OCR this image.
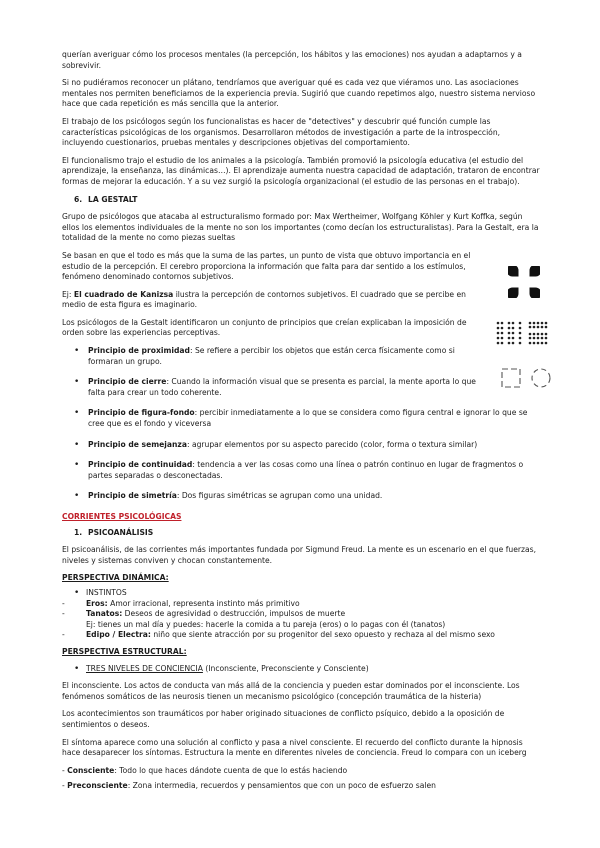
querían averiguar cómo los procesos mentales (la percepción, los hábitos y las emociones) nos ayudan a adaptarnos y a sobrevivir.

Si no pudiéramos reconocer un plátano, tendríamos que averiguar qué es cada vez que viéramos uno. Las asociaciones mentales nos permiten beneficiamos de la experiencia previa. Sugirió que cuando repetimos algo, nuestro sistema nervioso hace que cada repetición es más sencilla que la anterior.

El trabajo de los psicólogos según los funcionalistas es hacer de "detectives" y descubrir qué función cumple las características psicológicas de los organismos. Desarrollaron métodos de investigación a parte de la introspección, incluyendo cuestionarios, pruebas mentales y descripciones objetivas del comportamiento.

El funcionalismo trajo el estudio de los animales a la psicología. También promovió la psicología educativa (el estudio del aprendizaje, la enseñanza, las dinámicas…). El aprendizaje aumenta nuestra capacidad de adaptación, trataron de encontrar formas de mejorar la educación. Y a su vez surgió la psicología organizacional (el estudio de las personas en el trabajo).

6. LA GESTALT

Grupo de psicólogos que atacaba al estructuralismo formado por: Max Wertheimer, Wolfgang Köhler y Kurt Koffka, según ellos los elementos individuales de la mente no son los importantes (como decían los estructuralistas). Para la Gestalt, era la totalidad de la mente no como piezas sueltas

Se basan en que el todo es más que la suma de las partes, un punto de vista que obtuvo importancia en el estudio de la percepción. El cerebro proporciona la información que falta para dar sentido a los estímulos, fenómeno denominado contornos subjetivos.

Ej: El cuadrado de Kanizsa ilustra la percepción de contornos subjetivos. El cuadrado que se percibe en medio de esta figura es imaginario.

Los psicólogos de la Gestalt identificaron un conjunto de principios que creían explicaban la imposición de orden sobre las experiencias perceptivas.

• Principio de proximidad: Se refiere a percibir los objetos que están cerca físicamente como si formaran un grupo.
• Principio de cierre: Cuando la información visual que se presenta es parcial, la mente aporta lo que falta para crear un todo coherente.
• Principio de figura-fondo: percibir inmediatamente a lo que se considera como figura central e ignorar lo que se cree que es el fondo y viceversa
• Principio de semejanza: agrupar elementos por su aspecto parecido (color, forma o textura similar)
• Principio de continuidad: tendencia a ver las cosas como una línea o patrón continuo en lugar de fragmentos o partes separadas o desconectadas.
• Principio de simetría: Dos figuras simétricas se agrupan como una unidad.
CORRIENTES PSICOLÓGICAS
1. PSICOANÁLISIS

El psicoanálisis, de las corrientes más importantes fundada por Sigmund Freud. La mente es un escenario en el que fuerzas, niveles y sistemas conviven y chocan constantemente.

PERSPECTIVA DINÁMICA:
• INSTINTOS
-	Eros: Amor irracional, representa instinto más primitivo
-	Tanatos: Deseos de agresividad o destrucción, impulsos de muerte
Ej: tienes un mal día y puedes: hacerle la comida a tu pareja (eros) o lo pagas con él (tanatos)
-	Edipo / Electra: niño que siente atracción por su progenitor del sexo opuesto y rechaza al del mismo sexo
PERSPECTIVA ESTRUCTURAL:
• TRES NIVELES DE CONCIENCIA (Inconsciente, Preconsciente y Consciente)

El inconsciente. Los actos de conducta van más allá de la conciencia y pueden estar dominados por el inconsciente. Los fenómenos somáticos de las neurosis tienen un mecanismo psicológico (concepción traumática de la histeria)

Los acontecimientos son traumáticos por haber originado situaciones de conflicto psíquico, debido a la oposición de sentimientos o deseos.

El síntoma aparece como una solución al conflicto y pasa a nivel consciente. El recuerdo del conflicto durante la hipnosis hace desaparecer los síntomas. Estructura la mente en diferentes niveles de conciencia. Freud lo compara con un iceberg

- Consciente: Todo lo que haces dándote cuenta de que lo estás haciendo

- Preconsciente: Zona intermedia, recuerdos y pensamientos que con un poco de esfuerzo salen
